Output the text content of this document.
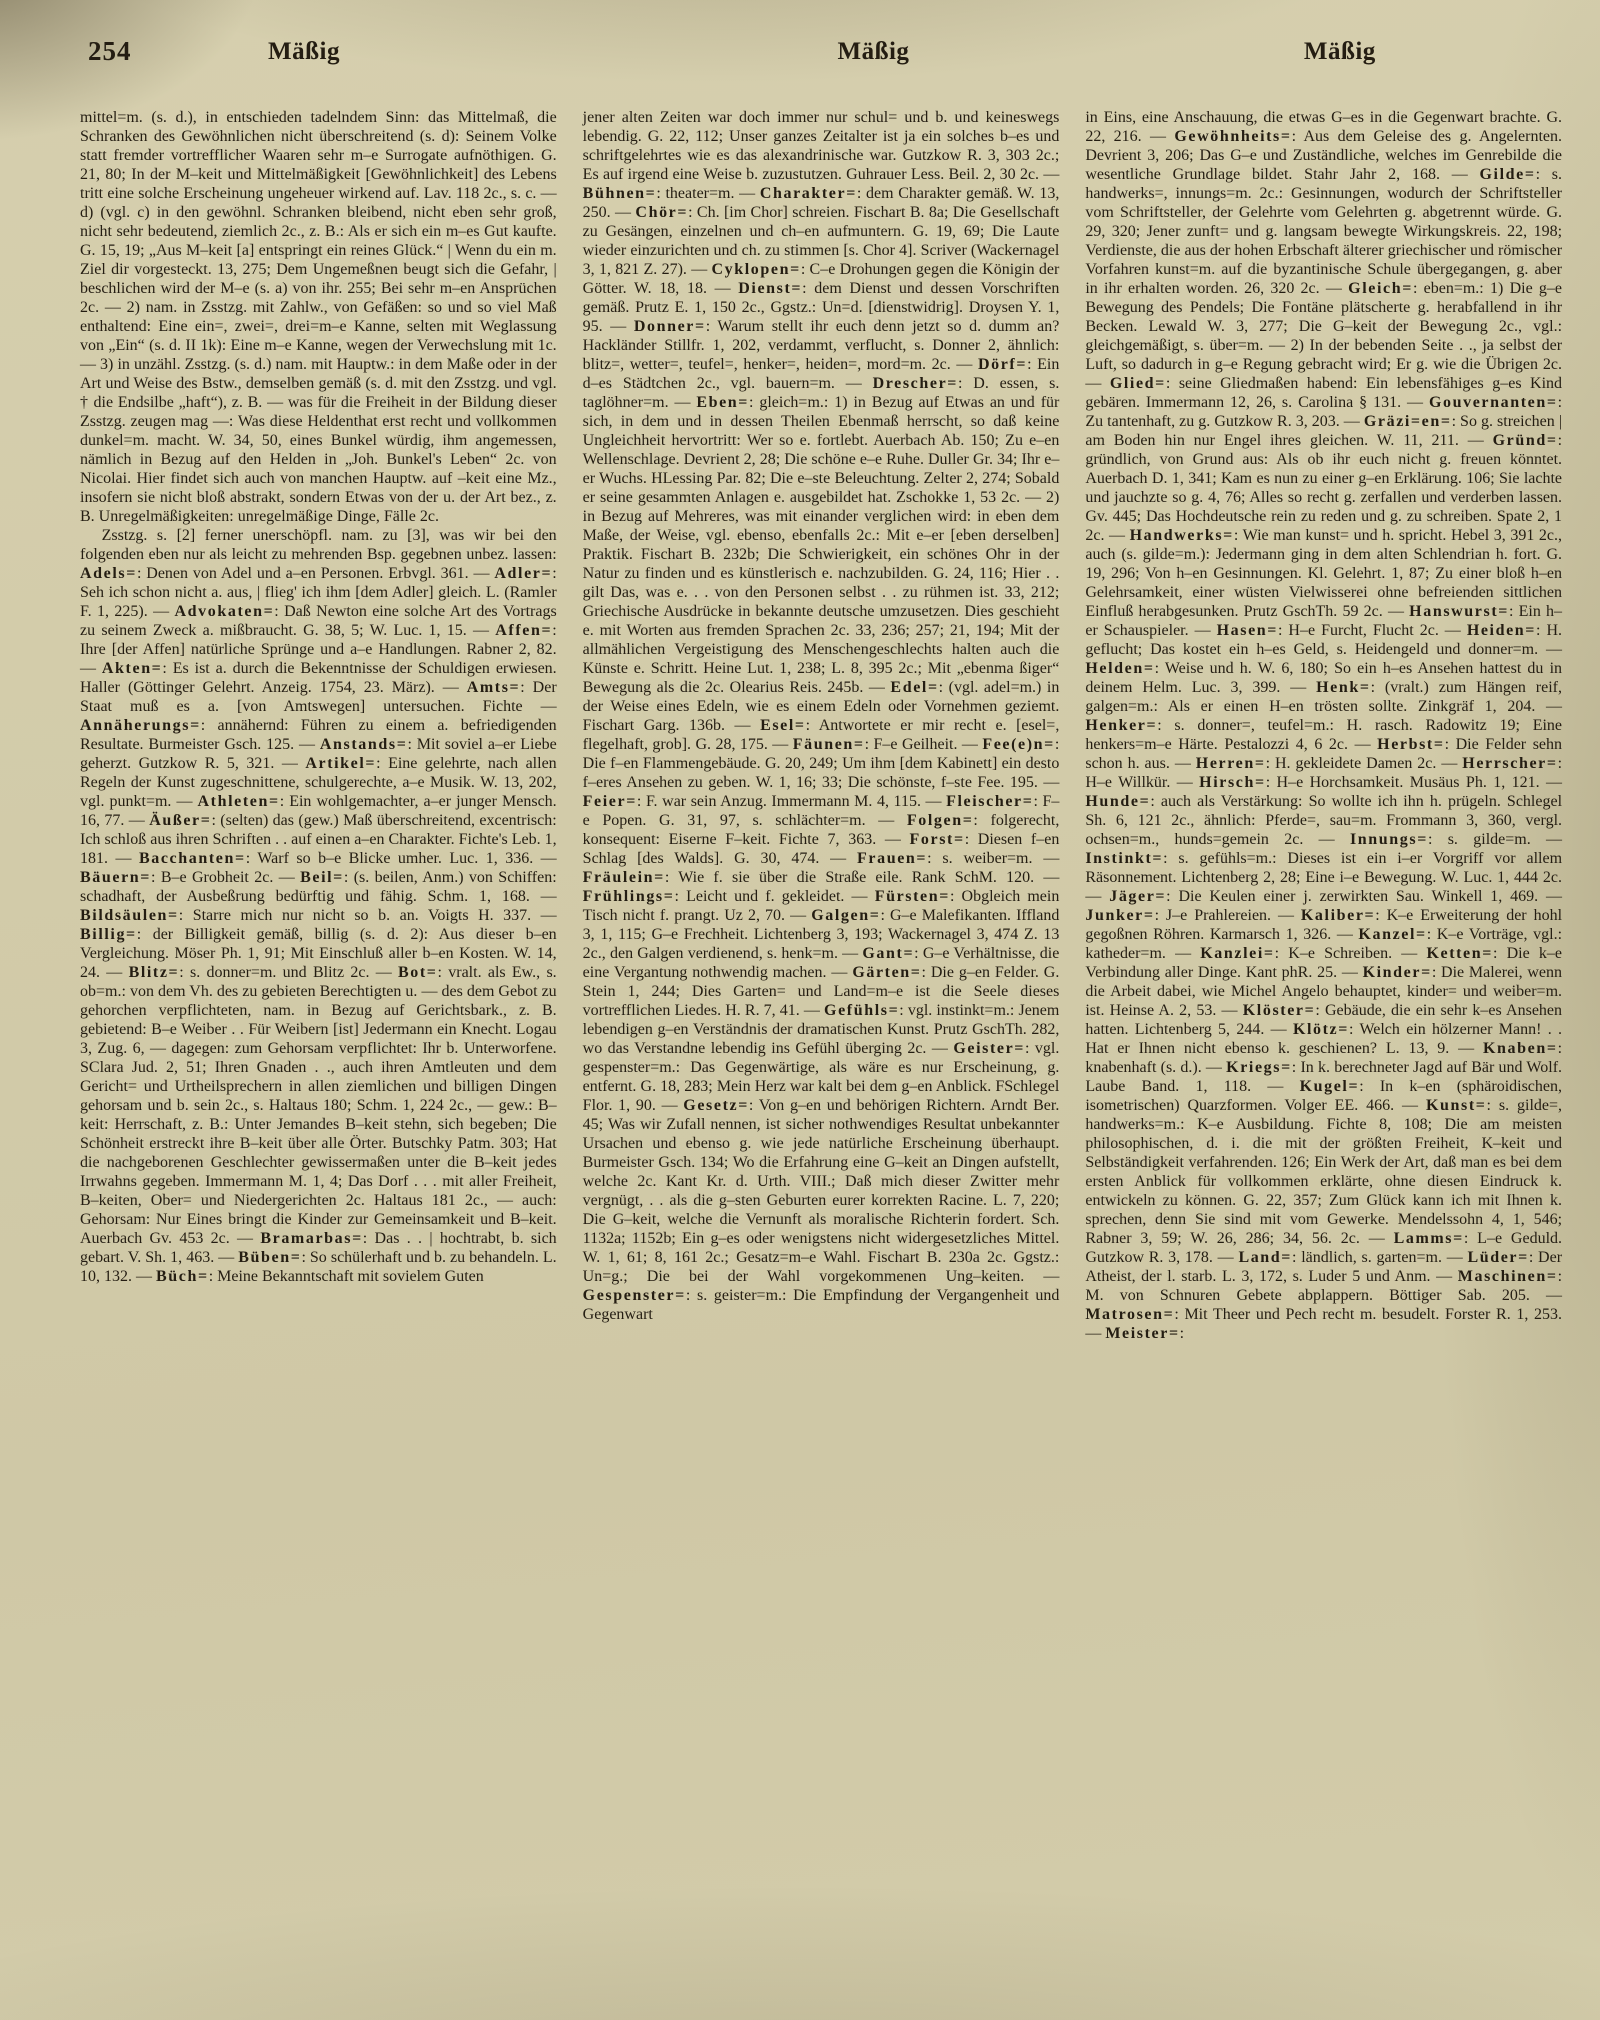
254	Mäßig	Mäßig	Mäßig

mittel=m. (s. d.), in entschieden tadelndem Sinn: das Mittelmaß, die Schranken des Gewöhnlichen nicht überschreitend (s. d): Seinem Volke statt fremder vortrefflicher Waaren sehr m–e Surrogate aufnöthigen. G. 21, 80; In der M–keit und Mittelmäßigkeit [Gewöhnlichkeit] des Lebens tritt eine solche Erscheinung ungeheuer wirkend auf. Lav. 118 2c., s. c. — d) (vgl. c) in den gewöhnl. Schranken bleibend, nicht eben sehr groß, nicht sehr bedeutend, ziemlich 2c., z. B.: Als er sich ein m–es Gut kaufte. G. 15, 19; „Aus M–keit [a] entspringt ein reines Glück.“ | Wenn du ein m. Ziel dir vorgesteckt. 13, 275; Dem Ungemeßnen beugt sich die Gefahr, | beschlichen wird der M–e (s. a) von ihr. 255; Bei sehr m–en Ansprüchen 2c. — 2) nam. in Zsstzg. mit Zahlw., von Gefäßen: so und so viel Maß enthaltend: Eine ein=, zwei=, drei=m–e Kanne, selten mit Weglassung von „Ein“ (s. d. II 1k): Eine m–e Kanne, wegen der Verwechslung mit 1c. — 3) in unzähl. Zsstzg. (s. d.) nam. mit Hauptw.: in dem Maße oder in der Art und Weise des Bstw., demselben gemäß (s. d. mit den Zsstzg. und vgl. † die Endsilbe „haft“), z. B. — was für die Freiheit in der Bildung dieser Zsstzg. zeugen mag —: Was diese Heldenthat erst recht und vollkommen dunkel=m. macht. W. 34, 50, eines Bunkel würdig, ihm angemessen, nämlich in Bezug auf den Helden in „Joh. Bunkel's Leben“ 2c. von Nicolai. Hier findet sich auch von manchen Hauptw. auf –keit eine Mz., insofern sie nicht bloß abstrakt, sondern Etwas von der u. der Art bez., z. B. Unregelmäßigkeiten: unregelmäßige Dinge, Fälle 2c.

Zsstzg. s. [2] ferner unerschöpfl. nam. zu [3], was wir bei den folgenden eben nur als leicht zu mehrenden Bsp. gegebnen unbez. lassen: Adels=: Denen von Adel und a–en Personen. Erbvgl. 361. — Adler=: Seh ich schon nicht a. aus, | flieg' ich ihm [dem Adler] gleich. L. (Ramler F. 1, 225). — Advokaten=: Daß Newton eine solche Art des Vortrags zu seinem Zweck a. mißbraucht. G. 38, 5; W. Luc. 1, 15. — Affen=: Ihre [der Affen] natürliche Sprünge und a–e Handlungen. Rabner 2, 82. — Akten=: Es ist a. durch die Bekenntnisse der Schuldigen erwiesen. Haller (Göttinger Gelehrt. Anzeig. 1754, 23. März). — Amts=: Der Staat muß es a. [von Amtswegen] untersuchen. Fichte — Annäherungs=: annähernd: Führen zu einem a. befriedigenden Resultate. Burmeister Gsch. 125. — Anstands=: Mit soviel a–er Liebe geherzt. Gutzkow R. 5, 321. — Artikel=: Eine gelehrte, nach allen Regeln der Kunst zugeschnittene, schulgerechte, a–e Musik. W. 13, 202, vgl. punkt=m. — Athleten=: Ein wohlgemachter, a–er junger Mensch. 16, 77. — Äußer=: (selten) das (gew.) Maß überschreitend, excentrisch: Ich schloß aus ihren Schriften . . auf einen a–en Charakter. Fichte's Leb. 1, 181. — Bacchanten=: Warf so b–e Blicke umher. Luc. 1, 336. — Bäuern=: B–e Grobheit 2c. — Beil=: (s. beilen, Anm.) von Schiffen: schadhaft, der Ausbeßrung bedürftig und fähig. Schm. 1, 168. — Bildsäulen=: Starre mich nur nicht so b. an. Voigts H. 337. — Billig=: der Billigkeit gemäß, billig (s. d. 2): Aus dieser b–en Vergleichung. Möser Ph. 1, 91; Mit Einschluß aller b–en Kosten. W. 14, 24. — Blitz=: s. donner=m. und Blitz 2c. — Bot=: vralt. als Ew., s. ob=m.: von dem Vh. des zu gebieten Berechtigten u. — des dem Gebot zu gehorchen verpflichteten, nam. in Bezug auf Gerichtsbark., z. B. gebietend: B–e Weiber . . Für Weibern [ist] Jedermann ein Knecht. Logau 3, Zug. 6, — dagegen: zum Gehorsam verpflichtet: Ihr b. Unterworfene. SClara Jud. 2, 51; Ihren Gnaden . ., auch ihren Amtleuten und dem Gericht= und Urtheilsprechern in allen ziemlichen und billigen Dingen gehorsam und b. sein 2c., s. Haltaus 180; Schm. 1, 224 2c., — gew.: B–keit: Herrschaft, z. B.: Unter Jemandes B–keit stehn, sich begeben; Die Schönheit erstreckt ihre B–keit über alle Örter. Butschky Patm. 303; Hat die nachgeborenen Geschlechter gewissermaßen unter die B–keit jedes Irrwahns gegeben. Immermann M. 1, 4; Das Dorf . . . mit aller Freiheit, B–keiten, Ober= und Niedergerichten 2c. Haltaus 181 2c., — auch: Gehorsam: Nur Eines bringt die Kinder zur Gemeinsamkeit und B–keit. Auerbach Gv. 453 2c. — Bramarbas=: Das . . | hochtrabt, b. sich gebart. V. Sh. 1, 463. — Büben=: So schülerhaft und b. zu behandeln. L. 10, 132. — Büch=: Meine Bekanntschaft mit sovielem Guten

jener alten Zeiten war doch immer nur schul= und b. und keineswegs lebendig. G. 22, 112; Unser ganzes Zeitalter ist ja ein solches b–es und schriftgelehrtes wie es das alexandrinische war. Gutzkow R. 3, 303 2c.; Es auf irgend eine Weise b. zuzustutzen. Guhrauer Less. Beil. 2, 30 2c. — Bühnen=: theater=m. — Charakter=: dem Charakter gemäß. W. 13, 250. — Chör=: Ch. [im Chor] schreien. Fischart B. 8a; Die Gesellschaft zu Gesängen, einzelnen und ch–en aufmuntern. G. 19, 69; Die Laute wieder einzurichten und ch. zu stimmen [s. Chor 4]. Scriver (Wackernagel 3, 1, 821 Z. 27). — Cyklopen=: C–e Drohungen gegen die Königin der Götter. W. 18, 18. — Dienst=: dem Dienst und dessen Vorschriften gemäß. Prutz E. 1, 150 2c., Ggstz.: Un=d. [dienstwidrig]. Droysen Y. 1, 95. — Donner=: Warum stellt ihr euch denn jetzt so d. dumm an? Hackländer Stillfr. 1, 202, verdammt, verflucht, s. Donner 2, ähnlich: blitz=, wetter=, teufel=, henker=, heiden=, mord=m. 2c. — Dörf=: Ein d–es Städtchen 2c., vgl. bauern=m. — Drescher=: D. essen, s. taglöhner=m. — Eben=: gleich=m.: 1) in Bezug auf Etwas an und für sich, in dem und in dessen Theilen Ebenmaß herrscht, so daß keine Ungleichheit hervortritt: Wer so e. fortlebt. Auerbach Ab. 150; Zu e–en Wellenschlage. Devrient 2, 28; Die schöne e–e Ruhe. Duller Gr. 34; Ihr e–er Wuchs. HLessing Par. 82; Die e–ste Beleuchtung. Zelter 2, 274; Sobald er seine gesammten Anlagen e. ausgebildet hat. Zschokke 1, 53 2c. — 2) in Bezug auf Mehreres, was mit einander verglichen wird: in eben dem Maße, der Weise, vgl. ebenso, ebenfalls 2c.: Mit e–er [eben derselben] Praktik. Fischart B. 232b; Die Schwierigkeit, ein schönes Ohr in der Natur zu finden und es künstlerisch e. nachzubilden. G. 24, 116; Hier . . gilt Das, was e. . . von den Personen selbst . . zu rühmen ist. 33, 212; Griechische Ausdrücke in bekannte deutsche umzusetzen. Dies geschieht e. mit Worten aus fremden Sprachen 2c. 33, 236; 257; 21, 194; Mit der allmählichen Vergeistigung des Menschengeschlechts halten auch die Künste e. Schritt. Heine Lut. 1, 238; L. 8, 395 2c.; Mit „ebenma ßiger“ Bewegung als die 2c. Olearius Reis. 245b. — Edel=: (vgl. adel=m.) in der Weise eines Edeln, wie es einem Edeln oder Vornehmen geziemt. Fischart Garg. 136b. — Esel=: Antwortete er mir recht e. [esel=, flegelhaft, grob]. G. 28, 175. — Fäunen=: F–e Geilheit. — Fee(e)n=: Die f–en Flammengebäude. G. 20, 249; Um ihm [dem Kabinett] ein desto f–eres Ansehen zu geben. W. 1, 16; 33; Die schönste, f–ste Fee. 195. — Feier=: F. war sein Anzug. Immermann M. 4, 115. — Fleischer=: F–e Popen. G. 31, 97, s. schlächter=m. — Folgen=: folgerecht, konsequent: Eiserne F–keit. Fichte 7, 363. — Forst=: Diesen f–en Schlag [des Walds]. G. 30, 474. — Frauen=: s. weiber=m. — Fräulein=: Wie f. sie über die Straße eile. Rank SchM. 120. — Frühlings=: Leicht und f. gekleidet. — Fürsten=: Obgleich mein Tisch nicht f. prangt. Uz 2, 70. — Galgen=: G–e Malefikanten. Iffland 3, 1, 115; G–e Frechheit. Lichtenberg 3, 193; Wackernagel 3, 474 Z. 13 2c., den Galgen verdienend, s. henk=m. — Gant=: G–e Verhältnisse, die eine Vergantung nothwendig machen. — Gärten=: Die g–en Felder. G. Stein 1, 244; Dies Garten= und Land=m–e ist die Seele dieses vortrefflichen Liedes. H. R. 7, 41. — Gefühls=: vgl. instinkt=m.: Jenem lebendigen g–en Verständnis der dramatischen Kunst. Prutz GschTh. 282, wo das Verstandne lebendig ins Gefühl überging 2c. — Geister=: vgl. gespenster=m.: Das Gegenwärtige, als wäre es nur Erscheinung, g. entfernt. G. 18, 283; Mein Herz war kalt bei dem g–en Anblick. FSchlegel Flor. 1, 90. — Gesetz=: Von g–en und behörigen Richtern. Arndt Ber. 45; Was wir Zufall nennen, ist sicher nothwendiges Resultat unbekannter Ursachen und ebenso g. wie jede natürliche Erscheinung überhaupt. Burmeister Gsch. 134; Wo die Erfahrung eine G–keit an Dingen aufstellt, welche 2c. Kant Kr. d. Urth. VIII.; Daß mich dieser Zwitter mehr vergnügt, . . als die g–sten Geburten eurer korrekten Racine. L. 7, 220; Die G–keit, welche die Vernunft als moralische Richterin fordert. Sch. 1132a; 1152b; Ein g–es oder wenigstens nicht widergesetzliches Mittel. W. 1, 61; 8, 161 2c.; Gesatz=m–e Wahl. Fischart B. 230a 2c. Ggstz.: Un=g.; Die bei der Wahl vorgekommenen Ung–keiten. — Gespenster=: s. geister=m.: Die Empfindung der Vergangenheit und Gegenwart

in Eins, eine Anschauung, die etwas G–es in die Gegenwart brachte. G. 22, 216. — Gewöhnheits=: Aus dem Geleise des g. Angelernten. Devrient 3, 206; Das G–e und Zuständliche, welches im Genrebilde die wesentliche Grundlage bildet. Stahr Jahr 2, 168. — Gilde=: s. handwerks=, innungs=m. 2c.: Gesinnungen, wodurch der Schriftsteller vom Schriftsteller, der Gelehrte vom Gelehrten g. abgetrennt würde. G. 29, 320; Jener zunft= und g. langsam bewegte Wirkungskreis. 22, 198; Verdienste, die aus der hohen Erbschaft älterer griechischer und römischer Vorfahren kunst=m. auf die byzantinische Schule übergegangen, g. aber in ihr erhalten worden. 26, 320 2c. — Gleich=: eben=m.: 1) Die g–e Bewegung des Pendels; Die Fontäne plätscherte g. herabfallend in ihr Becken. Lewald W. 3, 277; Die G–keit der Bewegung 2c., vgl.: gleichgemäßigt, s. über=m. — 2) In der bebenden Seite . ., ja selbst der Luft, so dadurch in g–e Regung gebracht wird; Er g. wie die Übrigen 2c. — Glied=: seine Gliedmaßen habend: Ein lebensfähiges g–es Kind gebären. Immermann 12, 26, s. Carolina § 131. — Gouvernanten=: Zu tantenhaft, zu g. Gutzkow R. 3, 203. — Gräzi=en=: So g. streichen | am Boden hin nur Engel ihres gleichen. W. 11, 211. — Gründ=: gründlich, von Grund aus: Als ob ihr euch nicht g. freuen könntet. Auerbach D. 1, 341; Kam es nun zu einer g–en Erklärung. 106; Sie lachte und jauchzte so g. 4, 76; Alles so recht g. zerfallen und verderben lassen. Gv. 445; Das Hochdeutsche rein zu reden und g. zu schreiben. Spate 2, 1 2c. — Handwerks=: Wie man kunst= und h. spricht. Hebel 3, 391 2c., auch (s. gilde=m.): Jedermann ging in dem alten Schlendrian h. fort. G. 19, 296; Von h–en Gesinnungen. Kl. Gelehrt. 1, 87; Zu einer bloß h–en Gelehrsamkeit, einer wüsten Vielwisserei ohne befreienden sittlichen Einfluß herabgesunken. Prutz GschTh. 59 2c. — Hanswurst=: Ein h–er Schauspieler. — Hasen=: H–e Furcht, Flucht 2c. — Heiden=: H. geflucht; Das kostet ein h–es Geld, s. Heidengeld und donner=m. — Helden=: Weise und h. W. 6, 180; So ein h–es Ansehen hattest du in deinem Helm. Luc. 3, 399. — Henk=: (vralt.) zum Hängen reif, galgen=m.: Als er einen H–en trösten sollte. Zinkgräf 1, 204. — Henker=: s. donner=, teufel=m.: H. rasch. Radowitz 19; Eine henkers=m–e Härte. Pestalozzi 4, 6 2c. — Herbst=: Die Felder sehn schon h. aus. — Herren=: H. gekleidete Damen 2c. — Herrscher=: H–e Willkür. — Hirsch=: H–e Horchsamkeit. Musäus Ph. 1, 121. — Hunde=: auch als Verstärkung: So wollte ich ihn h. prügeln. Schlegel Sh. 6, 121 2c., ähnlich: Pferde=, sau=m. Frommann 3, 360, vergl. ochsen=m., hunds=gemein 2c. — Innungs=: s. gilde=m. — Instinkt=: s. gefühls=m.: Dieses ist ein i–er Vorgriff vor allem Räsonnement. Lichtenberg 2, 28; Eine i–e Bewegung. W. Luc. 1, 444 2c. — Jäger=: Die Keulen einer j. zerwirkten Sau. Winkell 1, 469. — Junker=: J–e Prahlereien. — Kaliber=: K–e Erweiterung der hohl gegoßnen Röhren. Karmarsch 1, 326. — Kanzel=: K–e Vorträge, vgl.: katheder=m. — Kanzlei=: K–e Schreiben. — Ketten=: Die k–e Verbindung aller Dinge. Kant phR. 25. — Kinder=: Die Malerei, wenn die Arbeit dabei, wie Michel Angelo behauptet, kinder= und weiber=m. ist. Heinse A. 2, 53. — Klöster=: Gebäude, die ein sehr k–es Ansehen hatten. Lichtenberg 5, 244. — Klötz=: Welch ein hölzerner Mann! . . Hat er Ihnen nicht ebenso k. geschienen? L. 13, 9. — Knaben=: knabenhaft (s. d.). — Kriegs=: In k. berechneter Jagd auf Bär und Wolf. Laube Band. 1, 118. — Kugel=: In k–en (sphäroidischen, isometrischen) Quarzformen. Volger EE. 466. — Kunst=: s. gilde=, handwerks=m.: K–e Ausbildung. Fichte 8, 108; Die am meisten philosophischen, d. i. die mit der größten Freiheit, K–keit und Selbständigkeit verfahrenden. 126; Ein Werk der Art, daß man es bei dem ersten Anblick für vollkommen erklärte, ohne diesen Eindruck k. entwickeln zu können. G. 22, 357; Zum Glück kann ich mit Ihnen k. sprechen, denn Sie sind mit vom Gewerke. Mendelssohn 4, 1, 546; Rabner 3, 59; W. 26, 286; 34, 56. 2c. — Lamms=: L–e Geduld. Gutzkow R. 3, 178. — Land=: ländlich, s. garten=m. — Lüder=: Der Atheist, der l. starb. L. 3, 172, s. Luder 5 und Anm. — Maschinen=: M. von Schnuren Gebete abplappern. Böttiger Sab. 205. — Matrosen=: Mit Theer und Pech recht m. besudelt. Forster R. 1, 253. — Meister=:
